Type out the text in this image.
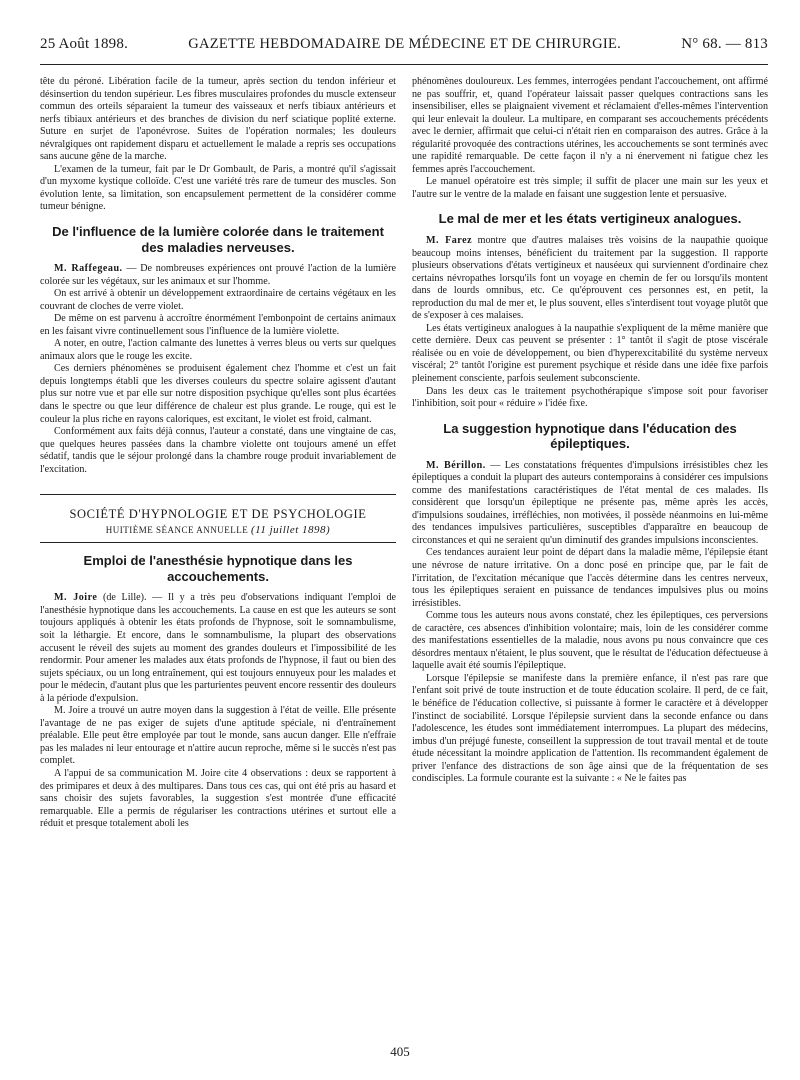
25 Août 1898.	GAZETTE HEBDOMADAIRE DE MÉDECINE ET DE CHIRURGIE.	N° 68. — 813

tête du péroné. Libération facile de la tumeur, après section du tendon inférieur et désinsertion du tendon supérieur. Les fibres musculaires profondes du muscle extenseur commun des orteils séparaient la tumeur des vaisseaux et nerfs tibiaux antérieurs et nerfs tibiaux antérieurs et des branches de division du nerf sciatique poplité externe. Suture en surjet de l'aponévrose. Suites de l'opération normales; les douleurs névralgiques ont rapidement disparu et actuellement le malade a repris ses occupations sans aucune gêne de la marche.

L'examen de la tumeur, fait par le Dr Gombault, de Paris, a montré qu'il s'agissait d'un myxome kystique colloïde. C'est une variété très rare de tumeur des muscles. Son évolution lente, sa limitation, son encapsulement permettent de la considérer comme tumeur bénigne.

De l'influence de la lumière colorée dans le traitement des maladies nerveuses.

M. Raffegeau. — De nombreuses expériences ont prouvé l'action de la lumière colorée sur les végétaux, sur les animaux et sur l'homme.

On est arrivé à obtenir un développement extraordinaire de certains végétaux en les couvrant de cloches de verre violet.

De même on est parvenu à accroître énormément l'embonpoint de certains animaux en les faisant vivre continuellement sous l'influence de la lumière violette.

A noter, en outre, l'action calmante des lunettes à verres bleus ou verts sur quelques animaux alors que le rouge les excite.

Ces derniers phénomènes se produisent également chez l'homme et c'est un fait depuis longtemps établi que les diverses couleurs du spectre solaire agissent d'autant plus sur notre vue et par elle sur notre disposition psychique qu'elles sont plus écartées dans le spectre ou que leur différence de chaleur est plus grande. Le rouge, qui est le couleur la plus riche en rayons caloriques, est excitant, le violet est froid, calmant.

Conformément aux faits déjà connus, l'auteur a constaté, dans une vingtaine de cas, que quelques heures passées dans la chambre violette ont toujours amené un effet sédatif, tandis que le séjour prolongé dans la chambre rouge produit invariablement de l'excitation.

SOCIÉTÉ D'HYPNOLOGIE ET DE PSYCHOLOGIE
HUITIÈME SÉANCE ANNUELLE (11 juillet 1898)
Emploi de l'anesthésie hypnotique dans les accouchements.

M. Joire (de Lille). — Il y a très peu d'observations indiquant l'emploi de l'anesthésie hypnotique dans les accouchements. La cause en est que les auteurs se sont toujours appliqués à obtenir les états profonds de l'hypnose, soit le somnambulisme, soit la léthargie. Et encore, dans le somnambulisme, la plupart des observations accusent le réveil des sujets au moment des grandes douleurs et l'impossibilité de les rendormir. Pour amener les malades aux états profonds de l'hypnose, il faut ou bien des sujets spéciaux, ou un long entraînement, qui est toujours ennuyeux pour les malades et pour le médecin, d'autant plus que les parturientes peuvent encore ressentir des douleurs à la période d'expulsion.

M. Joire a trouvé un autre moyen dans la suggestion à l'état de veille. Elle présente l'avantage de ne pas exiger de sujets d'une aptitude spéciale, ni d'entraînement préalable. Elle peut être employée par tout le monde, sans aucun danger. Elle n'effraie pas les malades ni leur entourage et n'attire aucun reproche, même si le succès n'est pas complet.

A l'appui de sa communication M. Joire cite 4 observations : deux se rapportent à des primipares et deux à des multipares. Dans tous ces cas, qui ont été pris au hasard et sans choisir des sujets favorables, la suggestion s'est montrée d'une efficacité remarquable. Elle a permis de régulariser les contractions utérines et surtout elle a réduit et presque totalement aboli les

phénomènes douloureux. Les femmes, interrogées pendant l'accouchement, ont affirmé ne pas souffrir, et, quand l'opérateur laissait passer quelques contractions sans les insensibiliser, elles se plaignaient vivement et réclamaient d'elles-mêmes l'intervention qui leur enlevait la douleur. La multipare, en comparant ses accouchements précédents avec le dernier, affirmait que celui-ci n'était rien en comparaison des autres. Grâce à la régularité provoquée des contractions utérines, les accouchements se sont terminés avec une rapidité remarquable. De cette façon il n'y a ni énervement ni fatigue chez les femmes après l'accouchement.

Le manuel opératoire est très simple; il suffit de placer une main sur les yeux et l'autre sur le ventre de la malade en faisant une suggestion lente et persuasive.

Le mal de mer et les états vertigineux analogues.

M. Farez montre que d'autres malaises très voisins de la naupathie quoique beaucoup moins intenses, bénéficient du traitement par la suggestion. Il rapporte plusieurs observations d'états vertigineux et nauséeux qui surviennent d'ordinaire chez certains névropathes lorsqu'ils font un voyage en chemin de fer ou lorsqu'ils montent dans de lourds omnibus, etc. Ce qu'éprouvent ces personnes est, en petit, la reproduction du mal de mer et, le plus souvent, elles s'interdisent tout voyage plutôt que de s'exposer à ces malaises.

Les états vertigineux analogues à la naupathie s'expliquent de la même manière que cette dernière. Deux cas peuvent se présenter : 1° tantôt il s'agit de ptose viscérale réalisée ou en voie de développement, ou bien d'hyperexcitabilité du système nerveux viscéral; 2° tantôt l'origine est purement psychique et réside dans une idée fixe parfois pleinement consciente, parfois seulement subconsciente.

Dans les deux cas le traitement psychothérapique s'impose soit pour favoriser l'inhibition, soit pour « réduire » l'idée fixe.

La suggestion hypnotique dans l'éducation des épileptiques.

M. Bérillon. — Les constatations fréquentes d'impulsions irrésistibles chez les épileptiques a conduit la plupart des auteurs contemporains à considérer ces impulsions comme des manifestations caractéristiques de l'état mental de ces malades. Ils considèrent que lorsqu'un épileptique ne présente pas, même après les accès, d'impulsions soudaines, irréfléchies, non motivées, il possède néanmoins en lui-même des tendances impulsives particulières, susceptibles d'apparaître en beaucoup de circonstances et qui ne seraient qu'un diminutif des grandes impulsions inconscientes.

Ces tendances auraient leur point de départ dans la maladie même, l'épilepsie étant une névrose de nature irritative. On a donc posé en principe que, par le fait de l'irritation, de l'excitation mécanique que l'accès détermine dans les centres nerveux, tous les épileptiques seraient en puissance de tendances impulsives plus ou moins irrésistibles.

Comme tous les auteurs nous avons constaté, chez les épileptiques, ces perversions de caractère, ces absences d'inhibition volontaire; mais, loin de les considérer comme des manifestations essentielles de la maladie, nous avons pu nous convaincre que ces désordres mentaux n'étaient, le plus souvent, que le résultat de l'éducation défectueuse à laquelle avait été soumis l'épileptique.

Lorsque l'épilepsie se manifeste dans la première enfance, il n'est pas rare que l'enfant soit privé de toute instruction et de toute éducation scolaire. Il perd, de ce fait, le bénéfice de l'éducation collective, si puissante à former le caractère et à développer l'instinct de sociabilité. Lorsque l'épilepsie survient dans la seconde enfance ou dans l'adolescence, les études sont immédiatement interrompues. La plupart des médecins, imbus d'un préjugé funeste, conseillent la suppression de tout travail mental et de toute étude nécessitant la moindre application de l'attention. Ils recommandent également de priver l'enfance des distractions de son âge ainsi que de la fréquentation de ses condisciples. La formule courante est la suivante : « Ne le faites pas

405
